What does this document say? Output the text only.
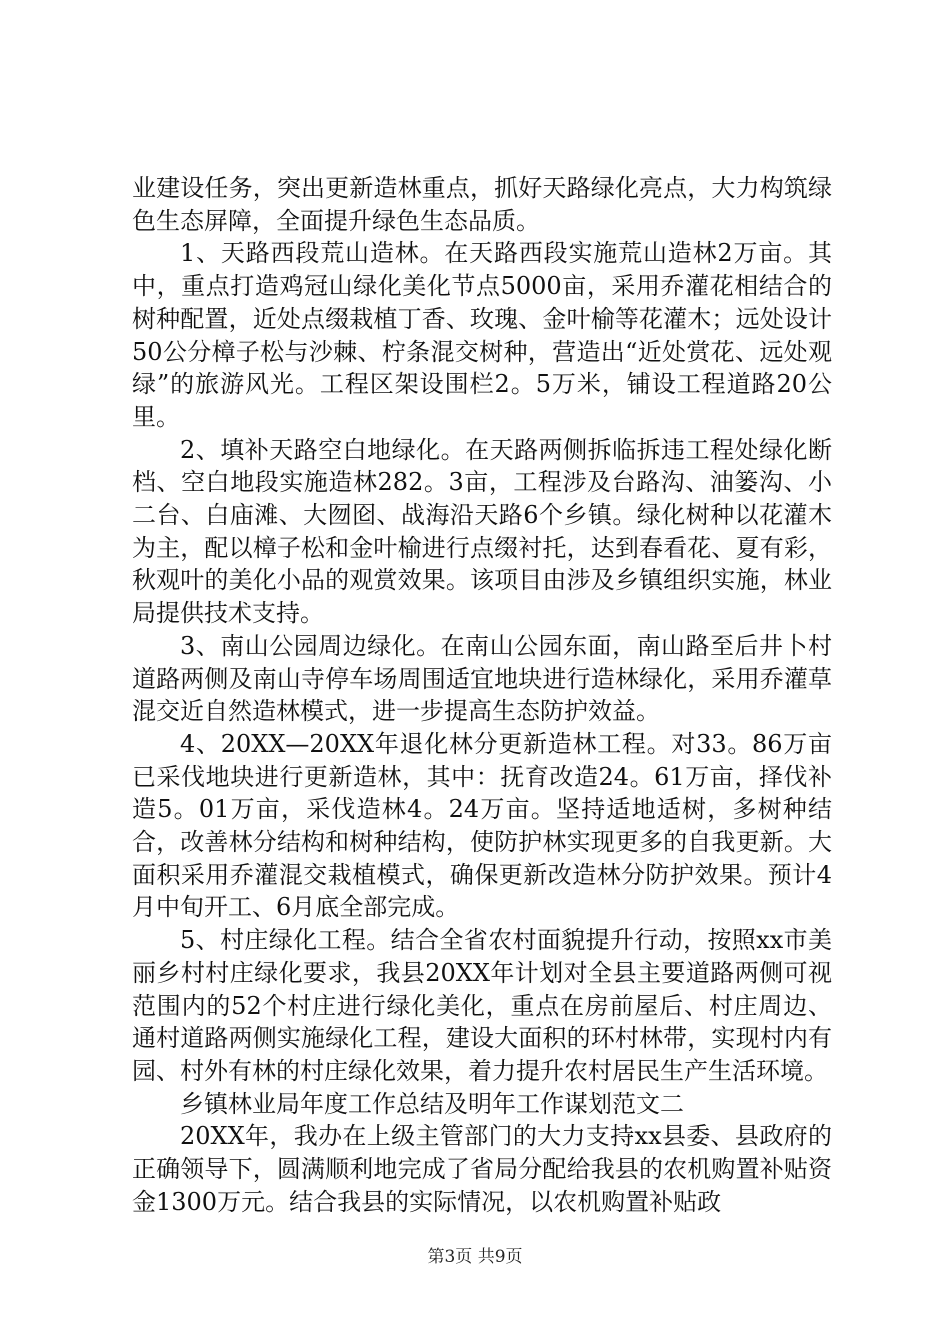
业建设任务，突出更新造林重点，抓好天路绿化亮点，大力构筑绿色生态屏障，全面提升绿色生态品质。

1、天路西段荒山造林。在天路西段实施荒山造林2万亩。其中，重点打造鸡冠山绿化美化节点5000亩，采用乔灌花相结合的树种配置，近处点缀栽植丁香、玫瑰、金叶榆等花灌木；远处设计50公分樟子松与沙棘、柠条混交树种，营造出“近处赏花、远处观绿”的旅游风光。工程区架设围栏2。5万米，铺设工程道路20公里。

2、填补天路空白地绿化。在天路两侧拆临拆违工程处绿化断档、空白地段实施造林282。3亩，工程涉及台路沟、油篓沟、小二台、白庙滩、大囫囵、战海沿天路6个乡镇。绿化树种以花灌木为主，配以樟子松和金叶榆进行点缀衬托，达到春看花、夏有彩，秋观叶的美化小品的观赏效果。该项目由涉及乡镇组织实施，林业局提供技术支持。

3、南山公园周边绿化。在南山公园东面，南山路至后井卜村道路两侧及南山寺停车场周围适宜地块进行造林绿化，采用乔灌草混交近自然造林模式，进一步提高生态防护效益。

4、20XX—20XX年退化林分更新造林工程。对33。86万亩已采伐地块进行更新造林，其中：抚育改造24。61万亩，择伐补造5。01万亩，采伐造林4。24万亩。坚持适地适树，多树种结合，改善林分结构和树种结构，使防护林实现更多的自我更新。大面积采用乔灌混交栽植模式，确保更新改造林分防护效果。预计4月中旬开工、6月底全部完成。

5、村庄绿化工程。结合全省农村面貌提升行动，按照xx市美丽乡村村庄绿化要求，我县20XX年计划对全县主要道路两侧可视范围内的52个村庄进行绿化美化，重点在房前屋后、村庄周边、通村道路两侧实施绿化工程，建设大面积的环村林带，实现村内有园、村外有林的村庄绿化效果，着力提升农村居民生产生活环境。

乡镇林业局年度工作总结及明年工作谋划范文二

20XX年，我办在上级主管部门的大力支持xx县委、县政府的正确领导下，圆满顺利地完成了省局分配给我县的农机购置补贴资金1300万元。结合我县的实际情况，以农机购置补贴政

第3页 共9页
